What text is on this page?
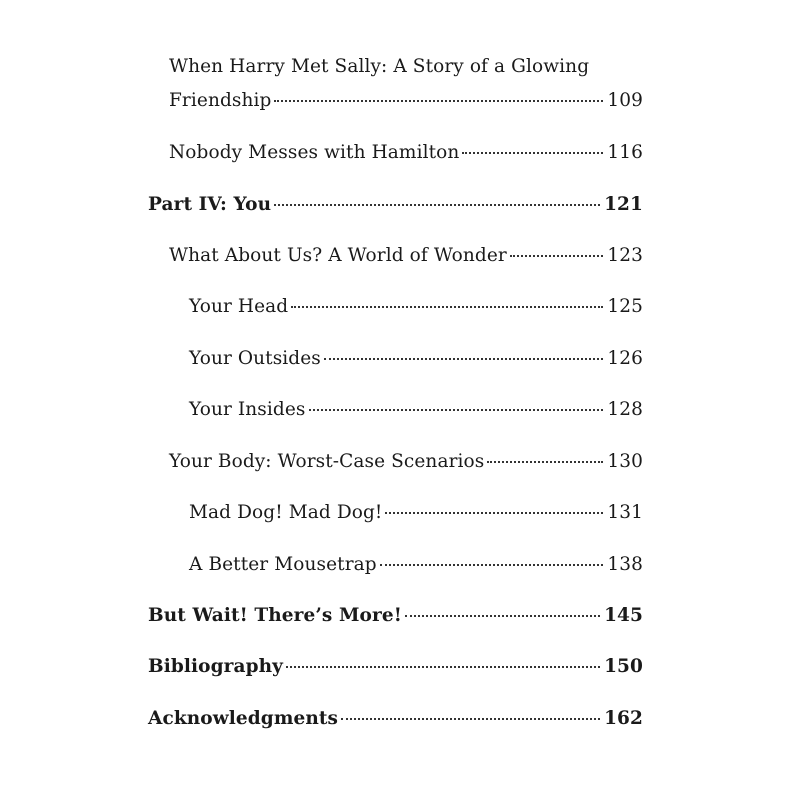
When Harry Met Sally: A Story of a Glowing
Friendship	109
Nobody Messes with Hamilton	116
Part IV: You	121
What About Us? A World of Wonder	123
Your Head	125
Your Outsides	126
Your Insides	128
Your Body: Worst-Case Scenarios	130
Mad Dog! Mad Dog!	131
A Better Mousetrap	138
But Wait! There’s More!	145
Bibliography	150
Acknowledgments	162
